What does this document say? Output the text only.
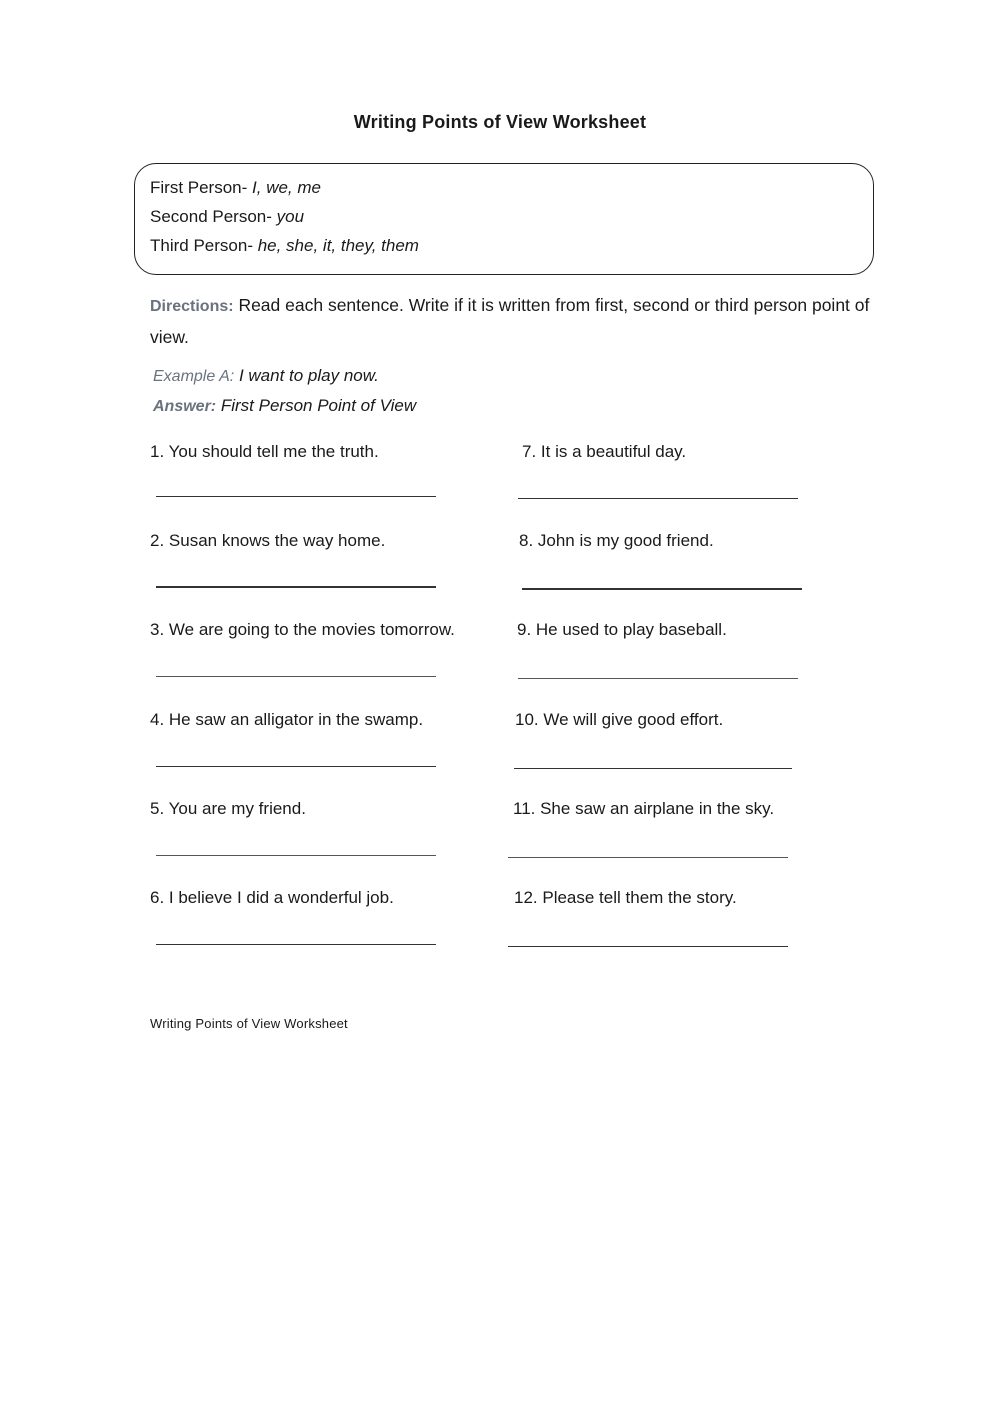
Writing Points of View Worksheet
First Person- I, we, me
Second Person- you
Third Person- he, she, it, they, them
Directions: Read each sentence. Write if it is written from first, second or third person point of view.
Example A: I want to play now.
Answer: First Person Point of View
1. You should tell me the truth.
2. Susan knows the way home.
3. We are going to the movies tomorrow.
4. He saw an alligator in the swamp.
5. You are my friend.
6. I believe I did a wonderful job.
7. It is a beautiful day.
8. John is my good friend.
9. He used to play baseball.
10. We will give good effort.
11. She saw an airplane in the sky.
12. Please tell them the story.
Writing Points of View Worksheet
